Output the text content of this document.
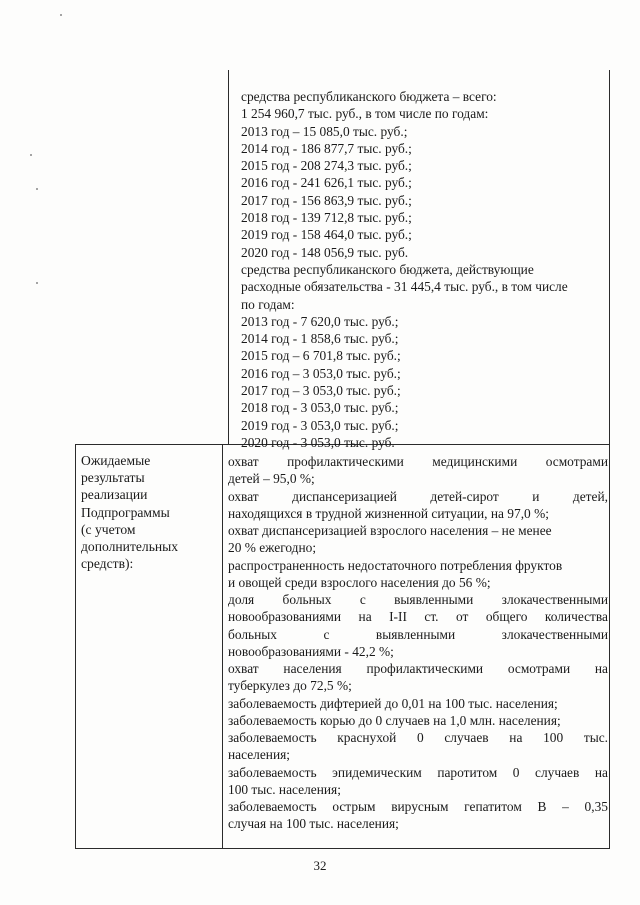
средства республиканского бюджета – всего:
1 254 960,7 тыс. руб., в том числе по годам:
2013 год – 15 085,0 тыс. руб.;
2014 год - 186 877,7 тыс. руб.;
2015 год - 208 274,3 тыс. руб.;
2016 год - 241 626,1 тыс. руб.;
2017 год - 156 863,9 тыс. руб.;
2018 год - 139 712,8 тыс. руб.;
2019 год - 158 464,0 тыс. руб.;
2020 год - 148 056,9 тыс. руб.
средства республиканского бюджета, действующие
расходные обязательства - 31 445,4 тыс. руб., в том числе
по годам:
2013 год - 7 620,0 тыс. руб.;
2014 год - 1 858,6 тыс. руб.;
2015 год – 6 701,8 тыс. руб.;
2016 год – 3 053,0 тыс. руб.;
2017 год – 3 053,0 тыс. руб.;
2018 год - 3 053,0 тыс. руб.;
2019 год - 3 053,0 тыс. руб.;
2020 год - 3 053,0 тыс. руб.
Ожидаемые
результаты
реализации
Подпрограммы
(с учетом
дополнительных
средств):
охват профилактическими медицинскими осмотрами
детей – 95,0 %;
охват диспансеризацией детей-сирот и детей,
находящихся в трудной жизненной ситуации, на 97,0 %;
охват диспансеризацией взрослого населения – не менее
20 % ежегодно;
распространенность недостаточного потребления фруктов
и овощей среди взрослого населения до 56 %;
доля больных с выявленными злокачественными
новообразованиями на I-II ст. от общего количества
больных с выявленными злокачественными
новообразованиями - 42,2 %;
охват населения профилактическими осмотрами на
туберкулез до 72,5 %;
заболеваемость дифтерией до 0,01 на 100 тыс. населения;
заболеваемость корью до 0 случаев на 1,0 млн. населения;
заболеваемость краснухой 0 случаев на 100 тыс.
населения;
заболеваемость эпидемическим паротитом 0 случаев на
100 тыс. населения;
заболеваемость острым вирусным гепатитом В – 0,35
случая на 100 тыс. населения;
32
